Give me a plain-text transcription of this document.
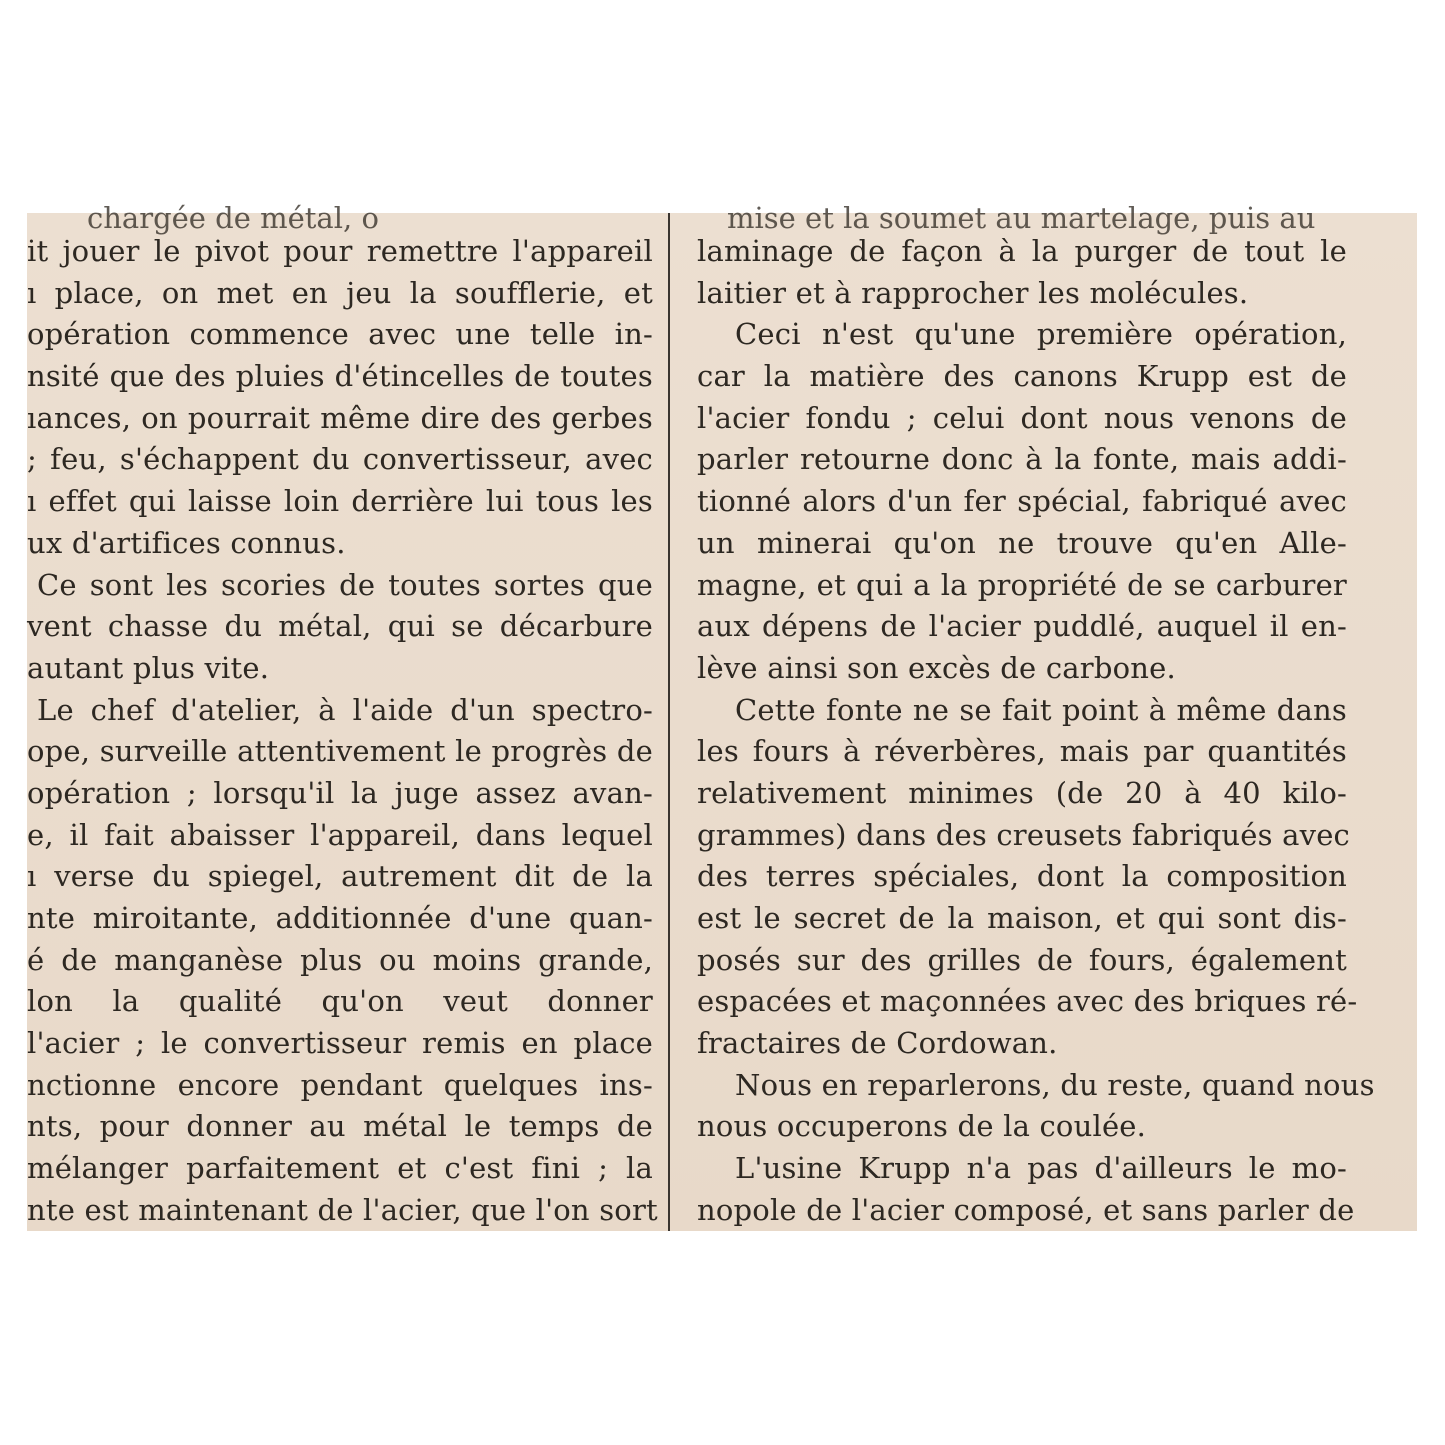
chargée de métal, o	mise et la soumet au martelage, puis au
it jouer le pivot pour remettre l'appareil
ı place, on met en jeu la soufflerie, et
opération commence avec une telle in-
nsité que des pluies d'étincelles de toutes
ıances, on pourrait même dire des gerbes
; feu, s'échappent du convertisseur, avec
ı effet qui laisse loin derrière lui tous les
ux d'artifices connus.
Ce sont les scories de toutes sortes que
vent chasse du métal, qui se décarbure
autant plus vite.
Le chef d'atelier, à l'aide d'un spectro-
ope, surveille attentivement le progrès de
opération ; lorsqu'il la juge assez avan-
e, il fait abaisser l'appareil, dans lequel
ı verse du spiegel, autrement dit de la
nte miroitante, additionnée d'une quan-
é de manganèse plus ou moins grande,
lon la qualité qu'on veut donner
l'acier ; le convertisseur remis en place
nctionne encore pendant quelques ins-
nts, pour donner au métal le temps de
mélanger parfaitement et c'est fini ; la
nte est maintenant de l'acier, que l'on sort
laminage de façon à la purger de tout le
laitier et à rapprocher les molécules.
Ceci n'est qu'une première opération,
car la matière des canons Krupp est de
l'acier fondu ; celui dont nous venons de
parler retourne donc à la fonte, mais addi-
tionné alors d'un fer spécial, fabriqué avec
un minerai qu'on ne trouve qu'en Alle-
magne, et qui a la propriété de se carburer
aux dépens de l'acier puddlé, auquel il en-
lève ainsi son excès de carbone.
Cette fonte ne se fait point à même dans
les fours à réverbères, mais par quantités
relativement minimes (de 20 à 40 kilo-
grammes) dans des creusets fabriqués avec
des terres spéciales, dont la composition
est le secret de la maison, et qui sont dis-
posés sur des grilles de fours, également
espacées et maçonnées avec des briques ré-
fractaires de Cordowan.
Nous en reparlerons, du reste, quand nous
nous occuperons de la coulée.
L'usine Krupp n'a pas d'ailleurs le mo-
nopole de l'acier composé, et sans parler de
